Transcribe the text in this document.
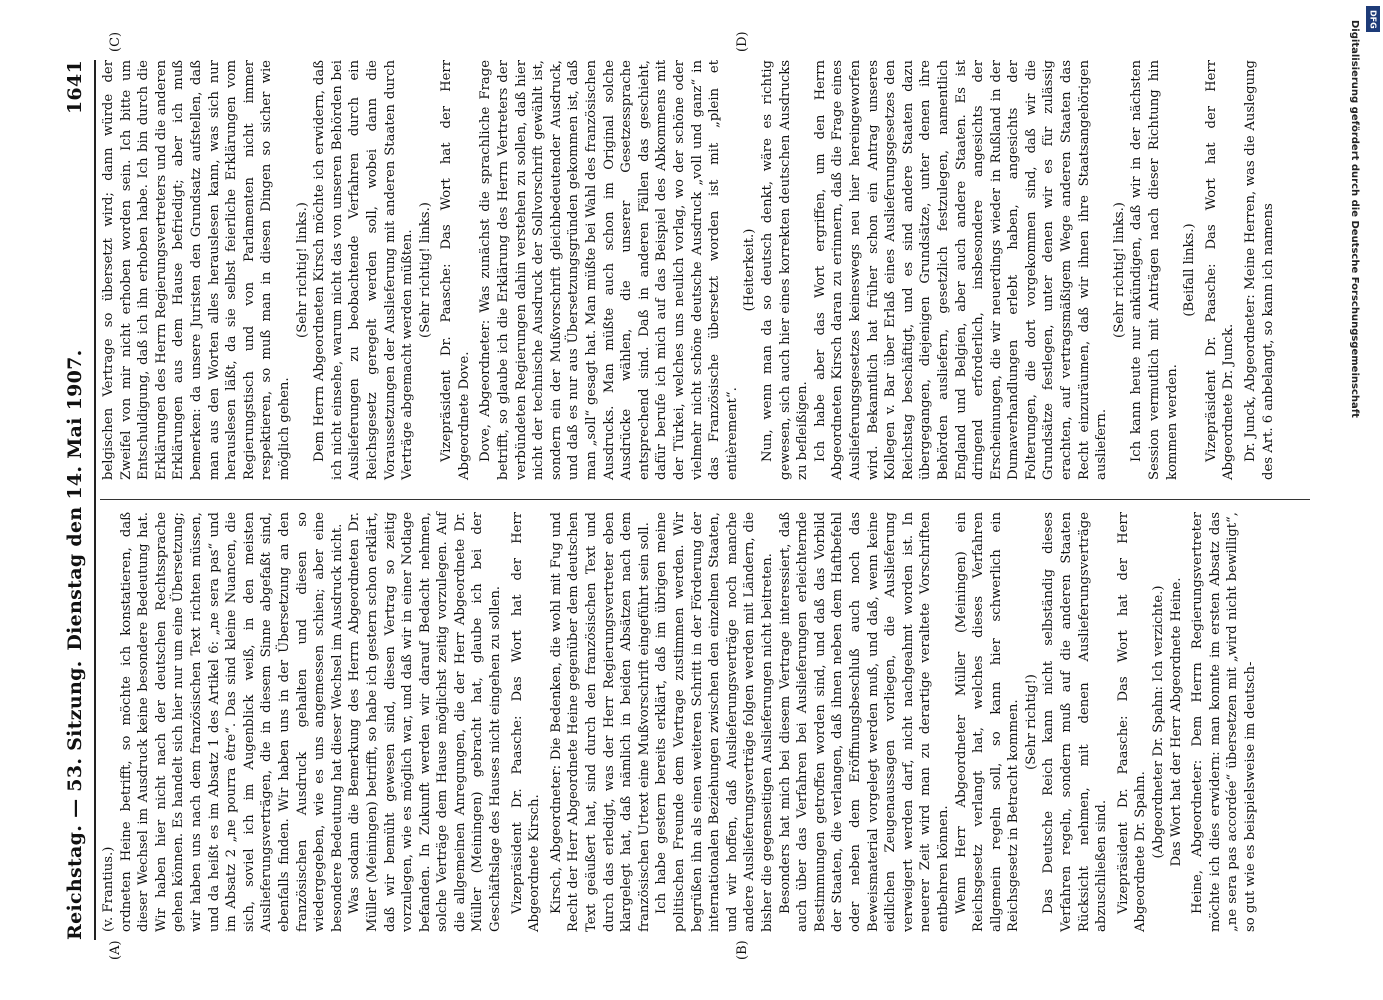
DFG
Digitalisierung gefördert durch die Deutsche Forschungsgemeinschaft
Reichstag. — 53. Sitzung.
Dienstag den 14. Mai 1907.
1641
(A)	(B)
(C)	(D)

(v. Frantius.) ordneten Heine betrifft, so möchte ich konstatieren, daß dieser Wechsel im Ausdruck keine besondere Bedeutung hat. Wir haben hier nicht nach der deutschen Rechtssprache gehen können. Es handelt sich hier nur um eine Übersetzung; wir haben uns nach dem französischen Text richten müssen, und da heißt es im Absatz 1 des Artikel 6: „ne sera pas“ und im Absatz 2 „ne pourra être“. Das sind kleine Nuancen, die sich, soviel ich im Augenblick weiß, in den meisten Auslieferungsverträgen, die in diesem Sinne abgefaßt sind, ebenfalls finden. Wir haben uns in der Übersetzung an den französischen Ausdruck gehalten und diesen so wiedergegeben, wie es uns angemessen schien; aber eine besondere Bedeutung hat dieser Wechsel im Ausdruck nicht. Was sodann die Bemerkung des Herrn Abgeordneten Dr. Müller (Meiningen) betrifft, so habe ich gestern schon erklärt, daß wir bemüht gewesen sind, diesen Vertrag so zeitig vorzulegen, wie es möglich war, und daß wir in einer Notlage befanden. In Zukunft werden wir darauf Bedacht nehmen, solche Verträge dem Hause möglichst zeitig vorzulegen. Auf die allgemeinen Anregungen, die der Herr Abgeordnete Dr. Müller (Meiningen) gebracht hat, glaube ich bei der Geschäftslage des Hauses nicht eingehen zu sollen. Vizepräsident Dr. Paasche: Das Wort hat der Herr Abgeordnete Kirsch. Kirsch, Abgeordneter: Die Bedenken, die wohl mit Fug und Recht der Herr Abgeordnete Heine gegenüber dem deutschen Text geäußert hat, sind durch den französischen Text und durch das erledigt, was der Herr Regierungsvertreter eben klargelegt hat, daß nämlich in beiden Absätzen nach dem französischen Urtext eine Mußvorschrift eingeführt sein soll. Ich habe gestern bereits erklärt, daß im übrigen meine politischen Freunde dem Vertrage zustimmen werden. Wir begrüßen ihn als einen weiteren Schritt in der Förderung der internationalen Beziehungen zwischen den einzelnen Staaten, und wir hoffen, daß Auslieferungsverträge noch manche andere Auslieferungsverträge folgen werden mit Ländern, die bisher die gegenseitigen Auslieferungen nicht beitreten. Besonders hat mich bei diesem Vertrage interessiert, daß auch über das Verfahren bei Auslieferungen erleichternde Bestimmungen getroffen worden sind, und daß das Vorbild der Staaten, die verlangen, daß ihnen neben dem Haftbefehl oder neben dem Eröffnungsbeschluß auch noch das Beweismaterial vorgelegt werden muß, und daß, wenn keine eidlichen Zeugenaussagen vorliegen, die Auslieferung verweigert werden darf, nicht nachgeahmt worden ist. In neuerer Zeit wird man zu derartige veraltete Vorschriften entbehren können. Wenn Herr Abgeordneter Müller (Meiningen) ein Reichsgesetz verlangt hat, welches dieses Verfahren allgemein regeln soll, so kann hier schwerlich ein Reichsgesetz in Betracht kommen. (Sehr richtig!) Das Deutsche Reich kann nicht selbständig dieses Verfahren regeln, sondern muß auf die anderen Staaten Rücksicht nehmen, mit denen Auslieferungsverträge abzuschließen sind. Vizepräsident Dr. Paasche: Das Wort hat der Herr Abgeordnete Dr. Spahn. (Abgeordneter Dr. Spahn: Ich verzichte.) Das Wort hat der Herr Abgeordnete Heine. Heine, Abgeordneter: Dem Herrn Regierungsvertreter möchte ich dies erwidern: man konnte im ersten Absatz das „ne sera pas accordée“ übersetzen mit „wird nicht bewilligt“, so gut wie es beispielsweise im deutsch-

belgischen Vertrage so übersetzt wird; dann würde der Zweifel von mir nicht erhoben worden sein. Ich bitte um Entschuldigung, daß ich ihn erhoben habe. Ich bin durch die Erklärungen des Herrn Regierungsvertreters und die anderen Erklärungen aus dem Hause befriedigt; aber ich muß bemerken: da unsere Juristen den Grundsatz aufstellen, daß man aus den Worten alles herauslesen kann, was sich nur herauslesen läßt, da sie selbst feierliche Erklärungen vom Regierungstisch und von Parlamenten nicht immer respektieren, so muß man in diesen Dingen so sicher wie möglich gehen.

(Sehr richtig! links.) Dem Herrn Abgeordneten Kirsch möchte ich erwidern, daß ich nicht einsehe, warum nicht das von unseren Behörden bei Auslieferungen zu beobachtende Verfahren durch ein Reichsgesetz geregelt werden soll, wobei dann die Voraussetzungen der Auslieferung mit anderen Staaten durch Verträge abgemacht werden müßten. (Sehr richtig! links.) Vizepräsident Dr. Paasche: Das Wort hat der Herr Abgeordnete Dove. Dove, Abgeordneter: Was zunächst die sprachliche Frage betrifft, so glaube ich die Erklärung des Herrn Vertreters der verbündeten Regierungen dahin verstehen zu sollen, daß hier nicht der technische Ausdruck der Sollvorschrift gewählt ist, sondern ein der Mußvorschrift gleichbedeutender Ausdruck, und daß es nur aus Übersetzungsgründen gekommen ist, daß man „soll“ gesagt hat. Man müßte bei Wahl des französischen Ausdrucks. Man müßte auch schon im Original solche Ausdrücke wählen, die unserer Gesetzessprache entsprechend sind. Daß in anderen Fällen das geschieht, dafür berufe ich mich auf das Beispiel des Abkommens mit der Türkei, welches uns neulich vorlag, wo der schöne oder vielmehr nicht schöne deutsche Ausdruck „voll und ganz“ in das Französische übersetzt worden ist mit „plein et entièrement“.

(Heiterkeit.) Nun, wenn man da so deutsch denkt, wäre es richtig gewesen, sich auch hier eines korrekten deutschen Ausdrucks zu befleißigen. Ich habe aber das Wort ergriffen, um den Herrn Abgeordneten Kirsch daran zu erinnern, daß die Frage eines Auslieferungsgesetzes keineswegs neu hier hereingeworfen wird. Bekanntlich hat früher schon ein Antrag unseres Kollegen v. Bar über Erlaß eines Auslieferungsgesetzes den Reichstag beschäftigt, und es sind andere Staaten dazu übergegangen, diejenigen Grundsätze, unter denen ihre Behörden ausliefern, gesetzlich festzulegen, namentlich England und Belgien, aber auch andere Staaten. Es ist dringend erforderlich, insbesondere angesichts der Erscheinungen, die wir neuerdings wieder in Rußland in der Dumaverhandlungen erlebt haben, angesichts der Folterungen, die dort vorgekommen sind, daß wir die Grundsätze festlegen, unter denen wir es für zulässig erachten, auf vertragsmäßigem Wege anderen Staaten das Recht einzuräumen, daß wir ihnen ihre Staatsangehörigen ausliefern.

(Sehr richtig! links.) Ich kann heute nur ankündigen, daß wir in der nächsten Session vermutlich mit Anträgen nach dieser Richtung hin kommen werden.

(Beifall links.) Vizepräsident Dr. Paasche: Das Wort hat der Herr Abgeordnete Dr. Junck. Dr. Junck, Abgeordneter: Meine Herren, was die Auslegung des Art. 6 anbelangt, so kann ich namens
